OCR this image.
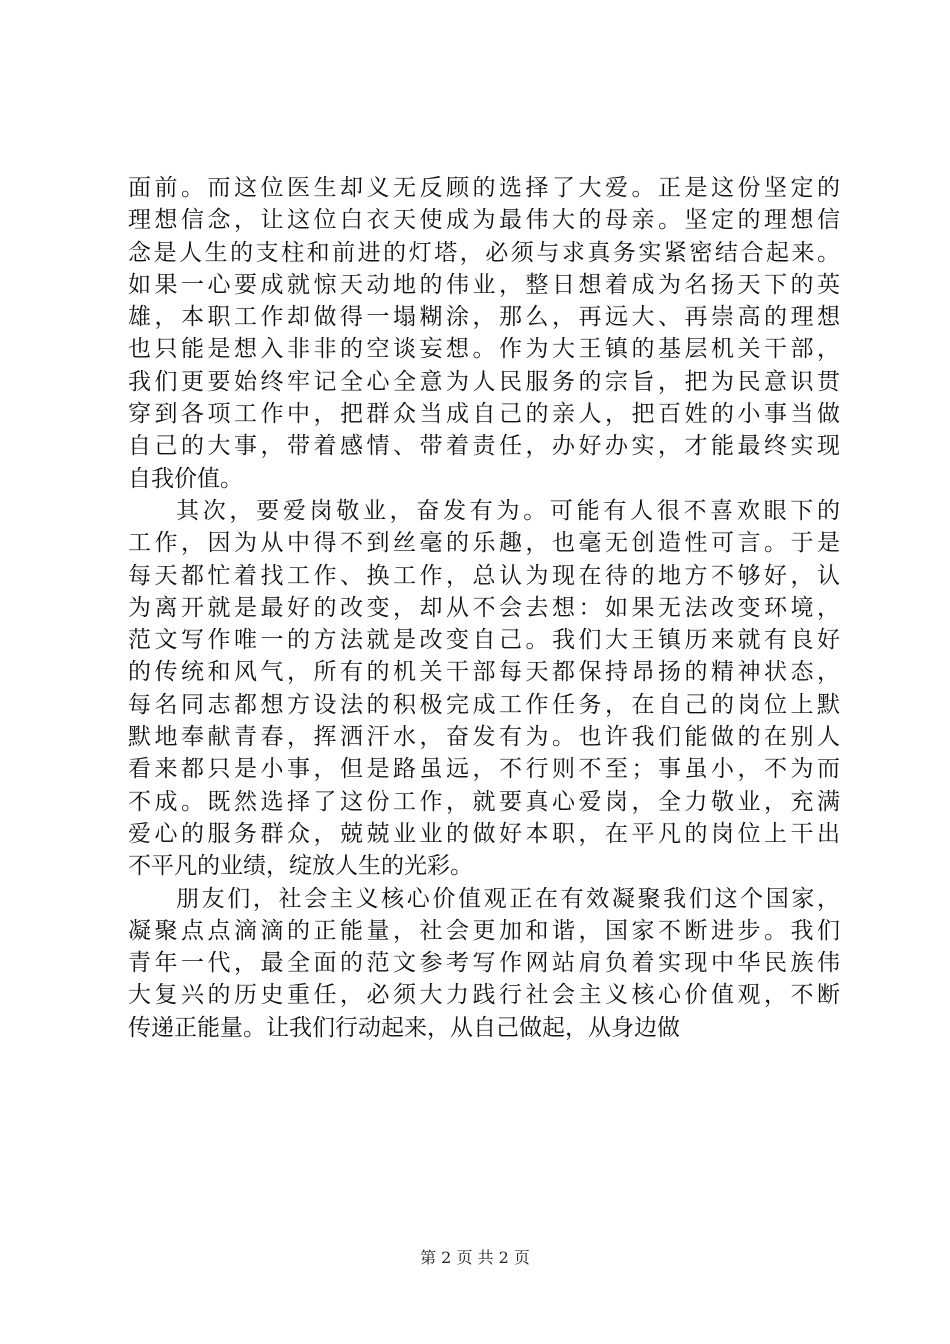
面前。而这位医生却义无反顾的选择了大爱。正是这份坚定的
理想信念，让这位白衣天使成为最伟大的母亲。坚定的理想信
念是人生的支柱和前进的灯塔，必须与求真务实紧密结合起来。
如果一心要成就惊天动地的伟业，整日想着成为名扬天下的英
雄，本职工作却做得一塌糊涂，那么，再远大、再崇高的理想
也只能是想入非非的空谈妄想。作为大王镇的基层机关干部，
我们更要始终牢记全心全意为人民服务的宗旨，把为民意识贯
穿到各项工作中，把群众当成自己的亲人，把百姓的小事当做
自己的大事，带着感情、带着责任，办好办实，才能最终实现
自我价值。
其次，要爱岗敬业，奋发有为。可能有人很不喜欢眼下的
工作，因为从中得不到丝毫的乐趣，也毫无创造性可言。于是
每天都忙着找工作、换工作，总认为现在待的地方不够好，认
为离开就是最好的改变，却从不会去想：如果无法改变环境，
范文写作唯一的方法就是改变自己。我们大王镇历来就有良好
的传统和风气，所有的机关干部每天都保持昂扬的精神状态，
每名同志都想方设法的积极完成工作任务，在自己的岗位上默
默地奉献青春，挥洒汗水，奋发有为。也许我们能做的在别人
看来都只是小事，但是路虽远，不行则不至；事虽小，不为而
不成。既然选择了这份工作，就要真心爱岗，全力敬业，充满
爱心的服务群众，兢兢业业的做好本职，在平凡的岗位上干出
不平凡的业绩，绽放人生的光彩。
朋友们，社会主义核心价值观正在有效凝聚我们这个国家，
凝聚点点滴滴的正能量，社会更加和谐，国家不断进步。我们
青年一代，最全面的范文参考写作网站肩负着实现中华民族伟
大复兴的历史重任，必须大力践行社会主义核心价值观，不断
传递正能量。让我们行动起来，从自己做起，从身边做
第 2 页 共 2 页
